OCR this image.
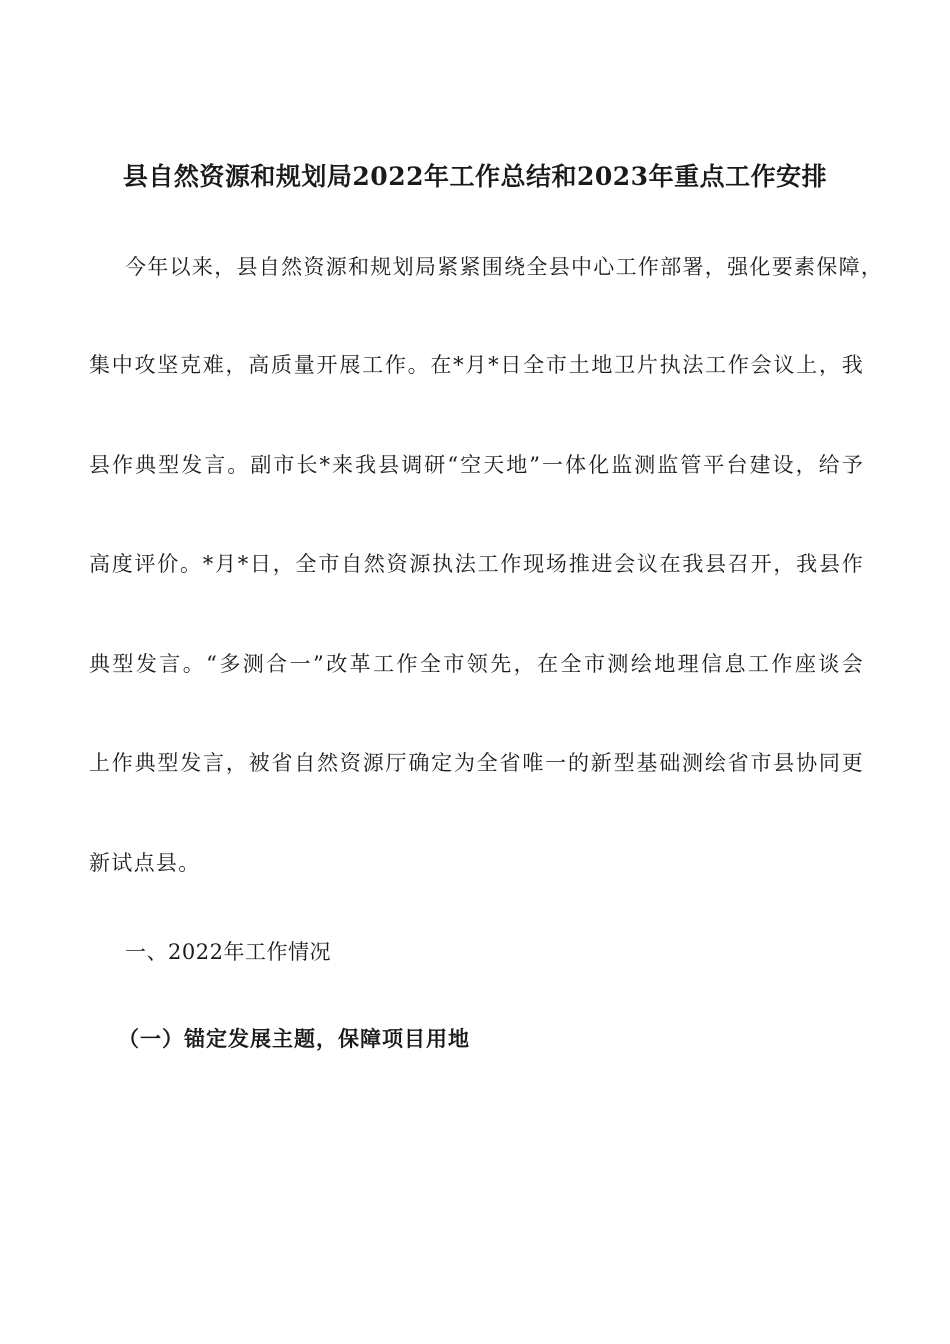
县自然资源和规划局2022年工作总结和2023年重点工作安排
今年以来，县自然资源和规划局紧紧围绕全县中心工作部署，强化要素保障，
集中攻坚克难，高质量开展工作。在*月*日全市土地卫片执法工作会议上，我
县作典型发言。副市长*来我县调研“空天地”一体化监测监管平台建设，给予
高度评价。*月*日，全市自然资源执法工作现场推进会议在我县召开，我县作
典型发言。“多测合一”改革工作全市领先，在全市测绘地理信息工作座谈会
上作典型发言，被省自然资源厅确定为全省唯一的新型基础测绘省市县协同更
新试点县。
一、2022年工作情况
（一）锚定发展主题，保障项目用地
